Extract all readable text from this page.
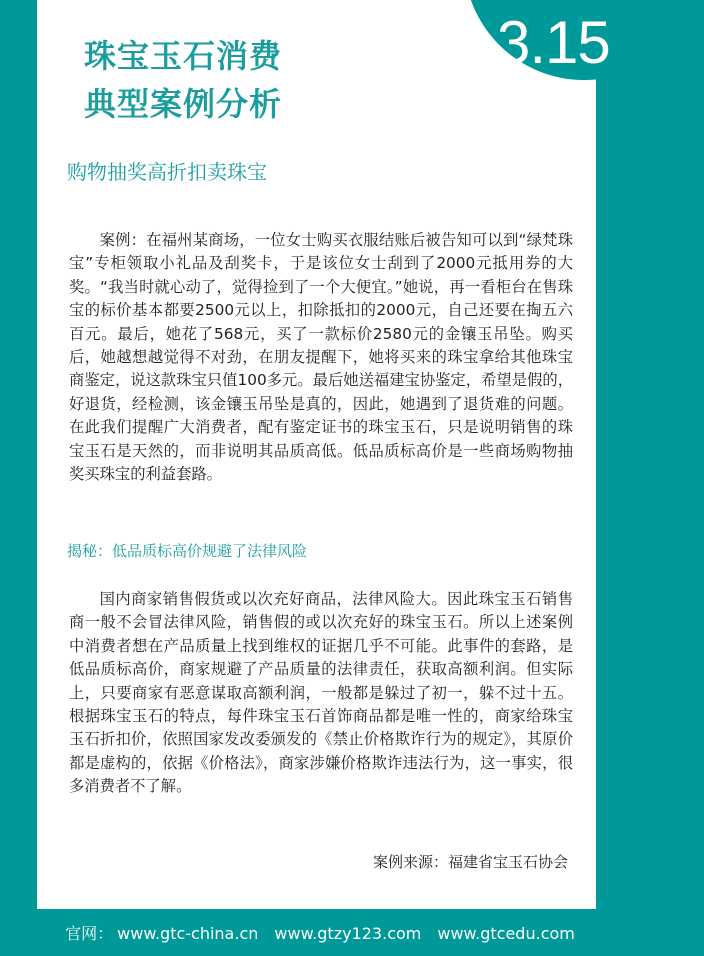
3.15
珠宝玉石消费
典型案例分析
购物抽奖高折扣卖珠宝

案例：在福州某商场，一位女士购买衣服结账后被告知可以到“绿梵珠宝”专柜领取小礼品及刮奖卡，于是该位女士刮到了2000元抵用券的大奖。“我当时就心动了，觉得捡到了一个大便宜。”她说，再一看柜台在售珠宝的标价基本都要2500元以上，扣除抵扣的2000元，自己还要在掏五六百元。最后，她花了568元，买了一款标价2580元的金镶玉吊坠。购买后，她越想越觉得不对劲，在朋友提醒下，她将买来的珠宝拿给其他珠宝商鉴定，说这款珠宝只值100多元。最后她送福建宝协鉴定，希望是假的，好退货，经检测，该金镶玉吊坠是真的，因此，她遇到了退货难的问题。在此我们提醒广大消费者，配有鉴定证书的珠宝玉石，只是说明销售的珠宝玉石是天然的，而非说明其品质高低。低品质标高价是一些商场购物抽奖买珠宝的利益套路。

揭秘：低品质标高价规避了法律风险

国内商家销售假货或以次充好商品，法律风险大。因此珠宝玉石销售商一般不会冒法律风险，销售假的或以次充好的珠宝玉石。所以上述案例中消费者想在产品质量上找到维权的证据几乎不可能。此事件的套路，是低品质标高价，商家规避了产品质量的法律责任，获取高额利润。但实际上，只要商家有恶意谋取高额利润，一般都是躲过了初一，躲不过十五。根据珠宝玉石的特点，每件珠宝玉石首饰商品都是唯一性的，商家给珠宝玉石折扣价，依照国家发改委颁发的《禁止价格欺诈行为的规定》，其原价都是虚构的，依据《价格法》，商家涉嫌价格欺诈违法行为，这一事实，很多消费者不了解。

案例来源：福建省宝玉石协会
官网： www.gtc-china.cn www.gtzy123.com www.gtcedu.com
